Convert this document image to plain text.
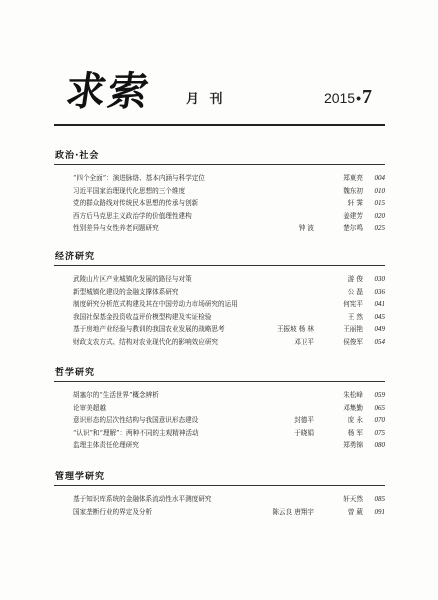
求索	月 刊	2015•7
政治·社会
“四个全面”：演进脉络、基本内涵与科学定位	郑東亮 004
习近平国家治理现代化思想的三个维度	魏东初 010
党的群众路线对传统民本思想的传承与创新	轩 霁 015
西方后马克思主义政治学的价值理性建构	姜建芳 020
性别差异与女性养老问题研究	钟 波	楚尔鸣 025
经济研究
武陵山片区产业城镇化发展的路径与对策	游 俊 030
新型城镇化建设的金融支撑体系研究	公 磊 036
制度研究分析范式构建及其在中国劳动力市场研究的运用	何宪平 041
我国社保基金投资收益评价模型构建及实证检验	王 然 045
基于房地产业经验与教训的我国农业发展的战略思考	王振坡 杨 林	王丽艳 049
财政支农方式、结构对农业现代化的影响效应研究	邓卫平	侯俊军 054
哲学研究
胡塞尔的“生活世界”概念辨析	朱松峰 059
论审美超越	邓集勤 065
意识形态的层次性结构与我国意识形态建设	封德平	庞 永 070
“认识”和“理解”：两种不同的主观精神活动	于晓娟	杨 军 075
监理主体责任伦理研究	郑勇锦 080
管理学研究
基于知识库系统的金融体系流动性水平测度研究	轩天然 085
国家垄断行业的界定及分析	陈云良 唐翔宇	曾 葳 091
